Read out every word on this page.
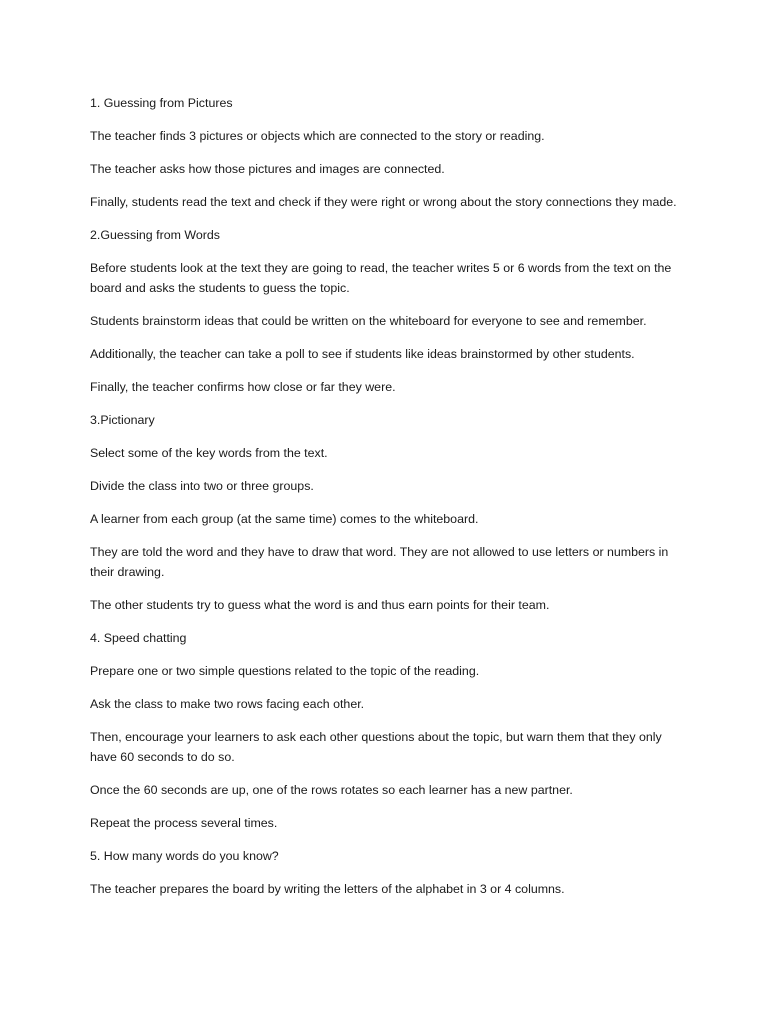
1. Guessing from Pictures

The teacher finds 3 pictures or objects which are connected to the story or reading.

The teacher asks how those pictures and images are connected.

Finally, students read the text and check if they were right or wrong about the story connections they made.

2.Guessing from Words

Before students look at the text they are going to read, the teacher writes 5 or 6 words from the text on the board and asks the students to guess the topic.

Students brainstorm ideas that could be written on the whiteboard for everyone to see and remember.

Additionally, the teacher can take a poll to see if students like ideas brainstormed by other students.

Finally, the teacher confirms how close or far they were.

3.Pictionary

Select some of the key words from the text.

Divide the class into two or three groups.

A learner from each group (at the same time) comes to the whiteboard.

They are told the word and they have to draw that word. They are not allowed to use letters or numbers in their drawing.

The other students try to guess what the word is and thus earn points for their team.

4. Speed chatting

Prepare one or two simple questions related to the topic of the reading.

Ask the class to make two rows facing each other.

Then, encourage your learners to ask each other questions about the topic, but warn them that they only have 60 seconds to do so.

Once the 60 seconds are up, one of the rows rotates so each learner has a new partner.

Repeat the process several times.

5. How many words do you know?

The teacher prepares the board by writing the letters of the alphabet in 3 or 4 columns.
